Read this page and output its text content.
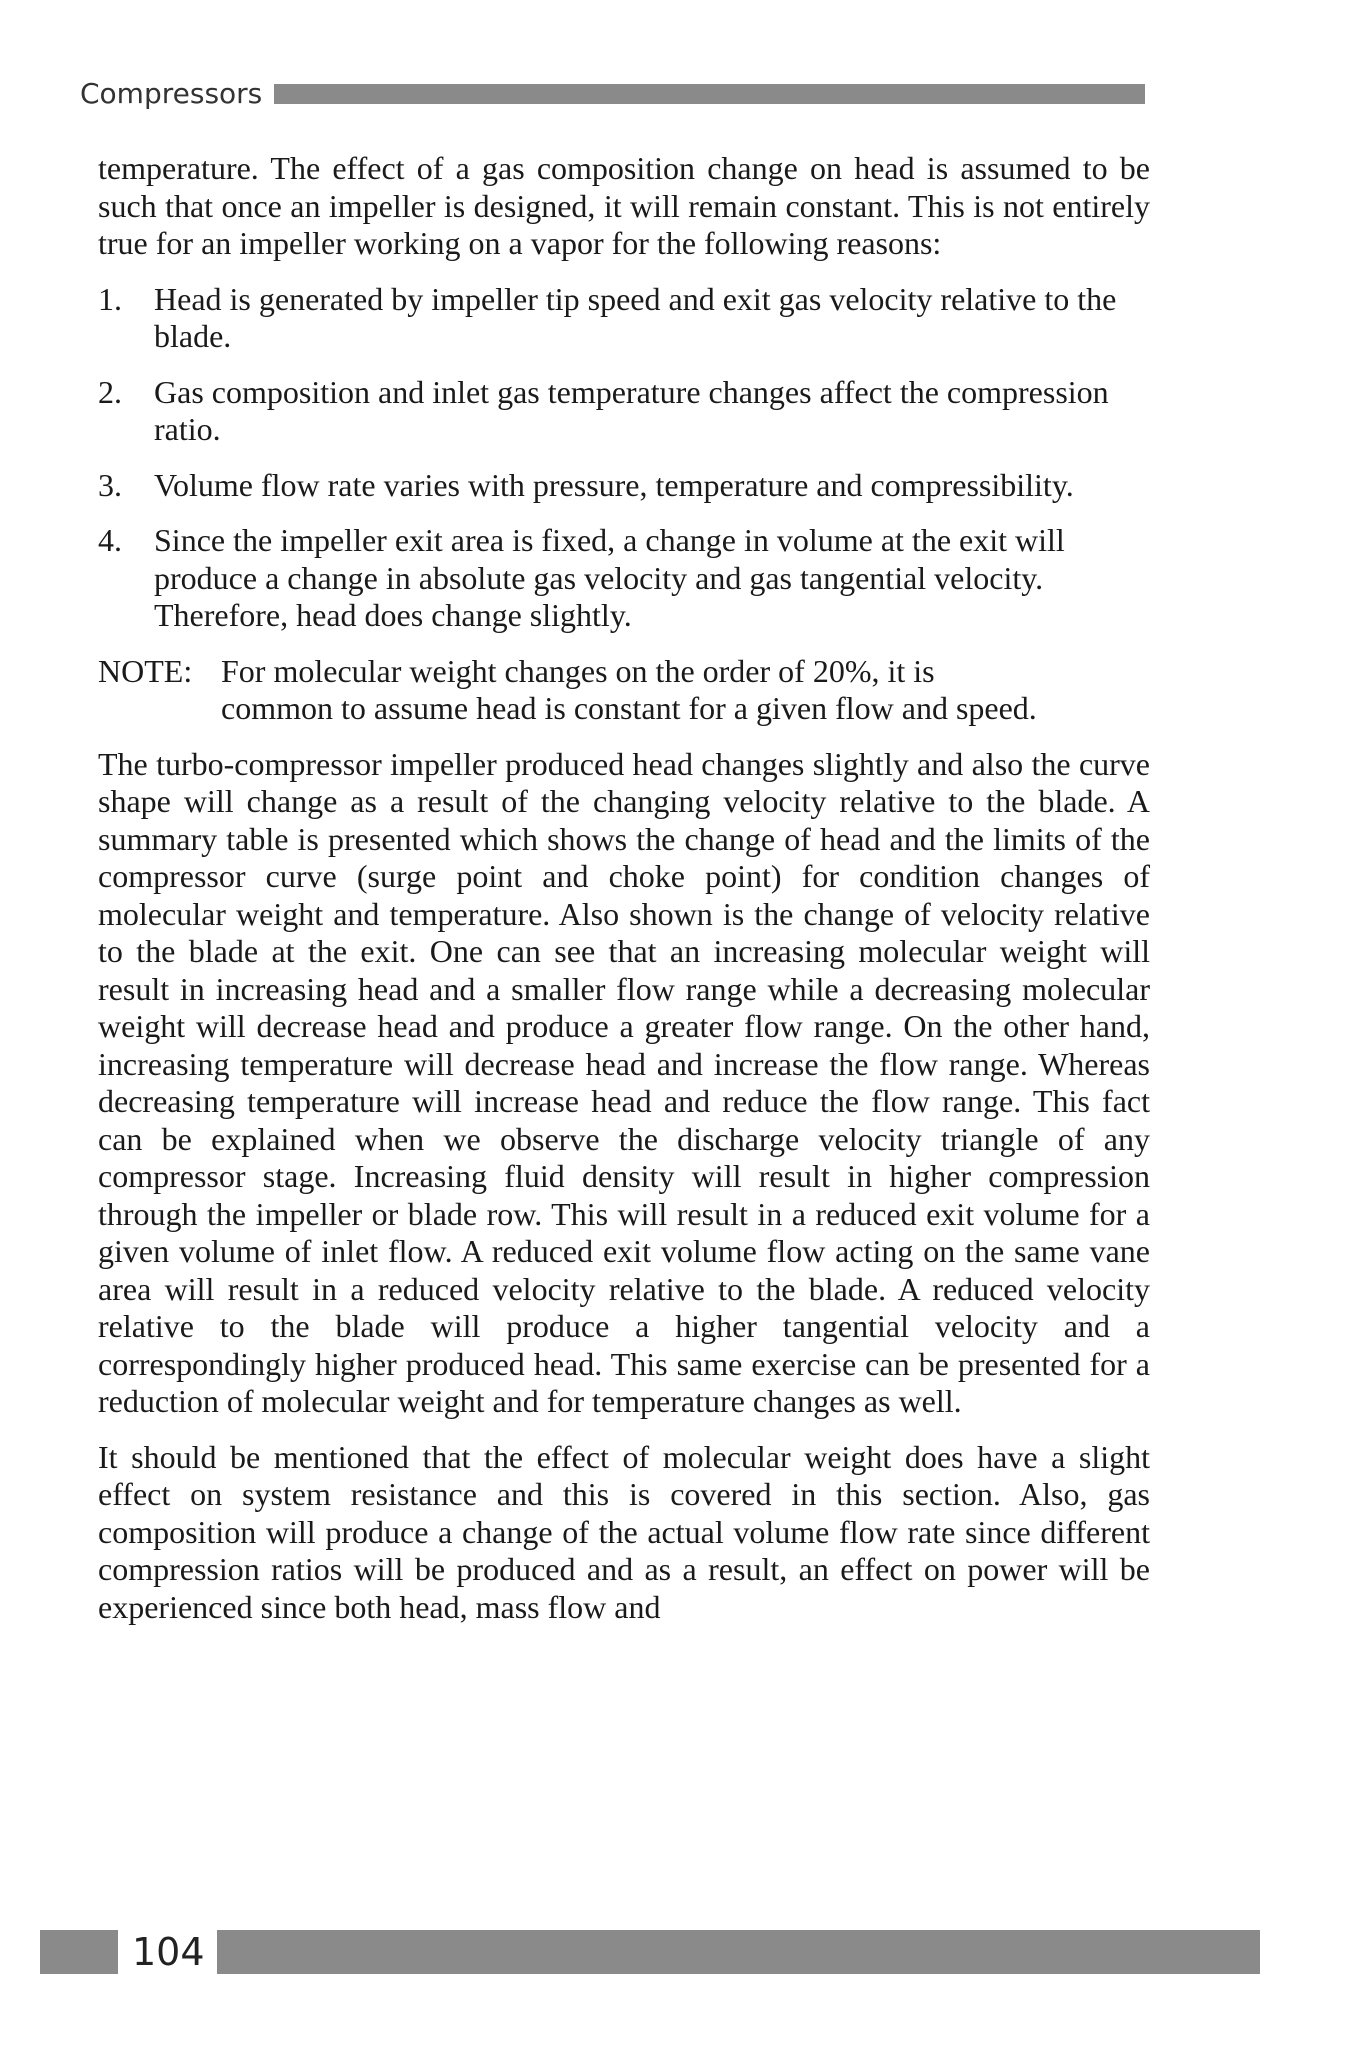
Compressors

temperature. The effect of a gas composition change on head is assumed to be such that once an impeller is designed, it will remain constant. This is not entirely true for an impeller working on a vapor for the following reasons:

1.	Head is generated by impeller tip speed and exit gas velocity relative to the blade.
2.	Gas composition and inlet gas temperature changes affect the compression ratio.
3.	Volume flow rate varies with pressure, temperature and compressibility.
4.	Since the impeller exit area is fixed, a change in volume at the exit will produce a change in absolute gas velocity and gas tangential velocity. Therefore, head does change slightly.
NOTE: For molecular weight changes on the order of 20%, it is common to assume head is constant for a given flow and speed.

The turbo-compressor impeller produced head changes slightly and also the curve shape will change as a result of the changing velocity relative to the blade. A summary table is presented which shows the change of head and the limits of the compressor curve (surge point and choke point) for condition changes of molecular weight and temperature. Also shown is the change of velocity relative to the blade at the exit. One can see that an increasing molecular weight will result in increasing head and a smaller flow range while a decreasing molecular weight will decrease head and produce a greater flow range. On the other hand, increasing temperature will decrease head and increase the flow range. Whereas decreasing temperature will increase head and reduce the flow range. This fact can be explained when we observe the discharge velocity triangle of any compressor stage. Increasing fluid density will result in higher compression through the impeller or blade row. This will result in a reduced exit volume for a given volume of inlet flow. A reduced exit volume flow acting on the same vane area will result in a reduced velocity relative to the blade. A reduced velocity relative to the blade will produce a higher tangential velocity and a correspondingly higher produced head. This same exercise can be presented for a reduction of molecular weight and for temperature changes as well.

It should be mentioned that the effect of molecular weight does have a slight effect on system resistance and this is covered in this section. Also, gas composition will produce a change of the actual volume flow rate since different compression ratios will be produced and as a result, an effect on power will be experienced since both head, mass flow and

104
